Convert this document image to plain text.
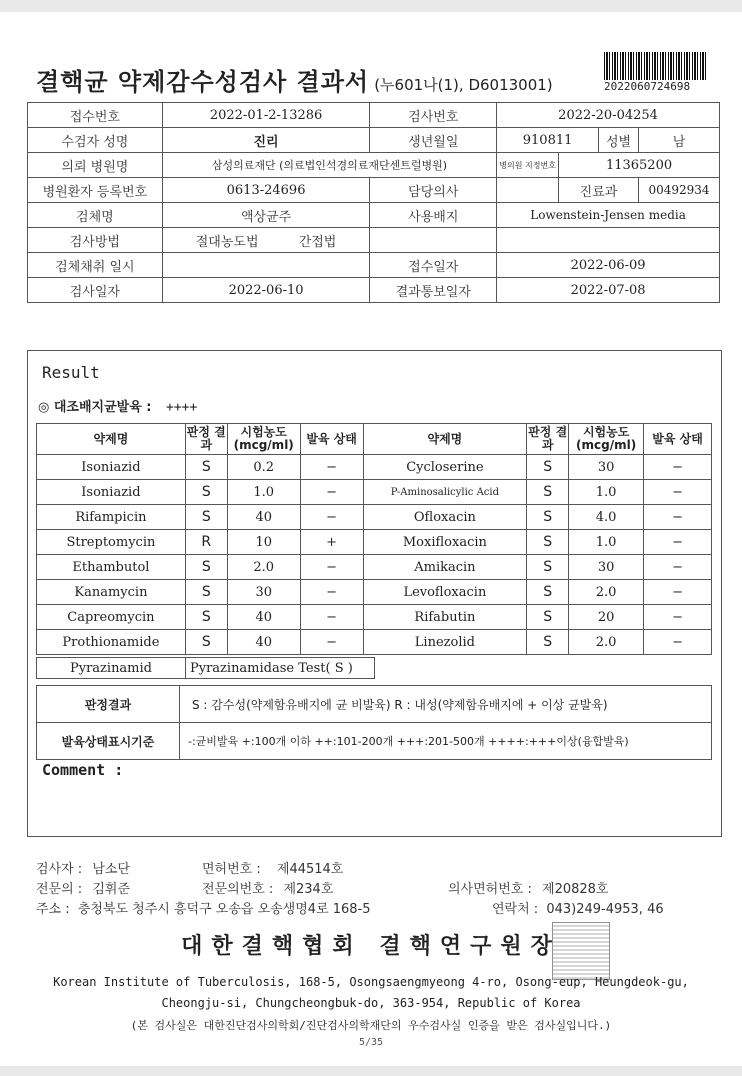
결핵균 약제감수성검사 결과서 (누601나(1), D6013001)	2022060724698
접수번호	2022-01-2-13286	검사번호	2022-20-04254			
수검자 성명	진리	생년월일	910811		성별	남
의뢰 병원명	삼성의료재단 (의료법인석경의료재단센트럴병원)		병의원 지정번호	11365200		
병원환자 등록번호	0613-24696	담당의사		진료과		00492934
검체명	액상균주	사용배지	Lowenstein-Jensen media			
검사방법	절대농도법 간접법					
검체채취 일시		접수일자	2022-06-09			
검사일자	2022-06-10	결과통보일자	2022-07-08			
Result
◎ 대조배지균발육 : ++++
약제명	판정 결과	시험농도 (mcg/ml)	발육 상태	약제명	판정 결과	시험농도 (mcg/ml)	발육 상태
Isoniazid	S	0.2	−	Cycloserine	S	30	−
Isoniazid	S	1.0	−	P-Aminosalicylic Acid	S	1.0	−
Rifampicin	S	40	−	Ofloxacin	S	4.0	−
Streptomycin	R	10	+	Moxifloxacin	S	1.0	−
Ethambutol	S	2.0	−	Amikacin	S	30	−
Kanamycin	S	30	−	Levofloxacin	S	2.0	−
Capreomycin	S	40	−	Rifabutin	S	20	−
Prothionamide	S	40	−	Linezolid	S	2.0	−
Pyrazinamid	Pyrazinamidase Test( S )
판정결과	S : 감수성(약제함유배지에 균 비발육) R : 내성(약제함유배지에 + 이상 균발육)
발육상태표시기준	-:균비발육 +:100개 이하 ++:101-200개 +++:201-500개 ++++:+++이상(융합발육)
Comment :
검사자 : 남소단	면허번호 : 제44514호
전문의 : 김휘준	전문의번호 : 제234호	의사면허번호 : 제20828호
주소 : 충청북도 청주시 흥덕구 오송읍 오송생명4로 168-5	연락처 : 043)249-4953, 46
대한결핵협회 결핵연구원장
Korean Institute of Tuberculosis, 168-5, Osongsaengmyeong 4-ro, Osong-eup, Heungdeok-gu,
Cheongju-si, Chungcheongbuk-do, 363-954, Republic of Korea
(본 검사실은 대한진단검사의학회/진단검사의학재단의 우수검사실 인증을 받은 검사실입니다.)
5/35
